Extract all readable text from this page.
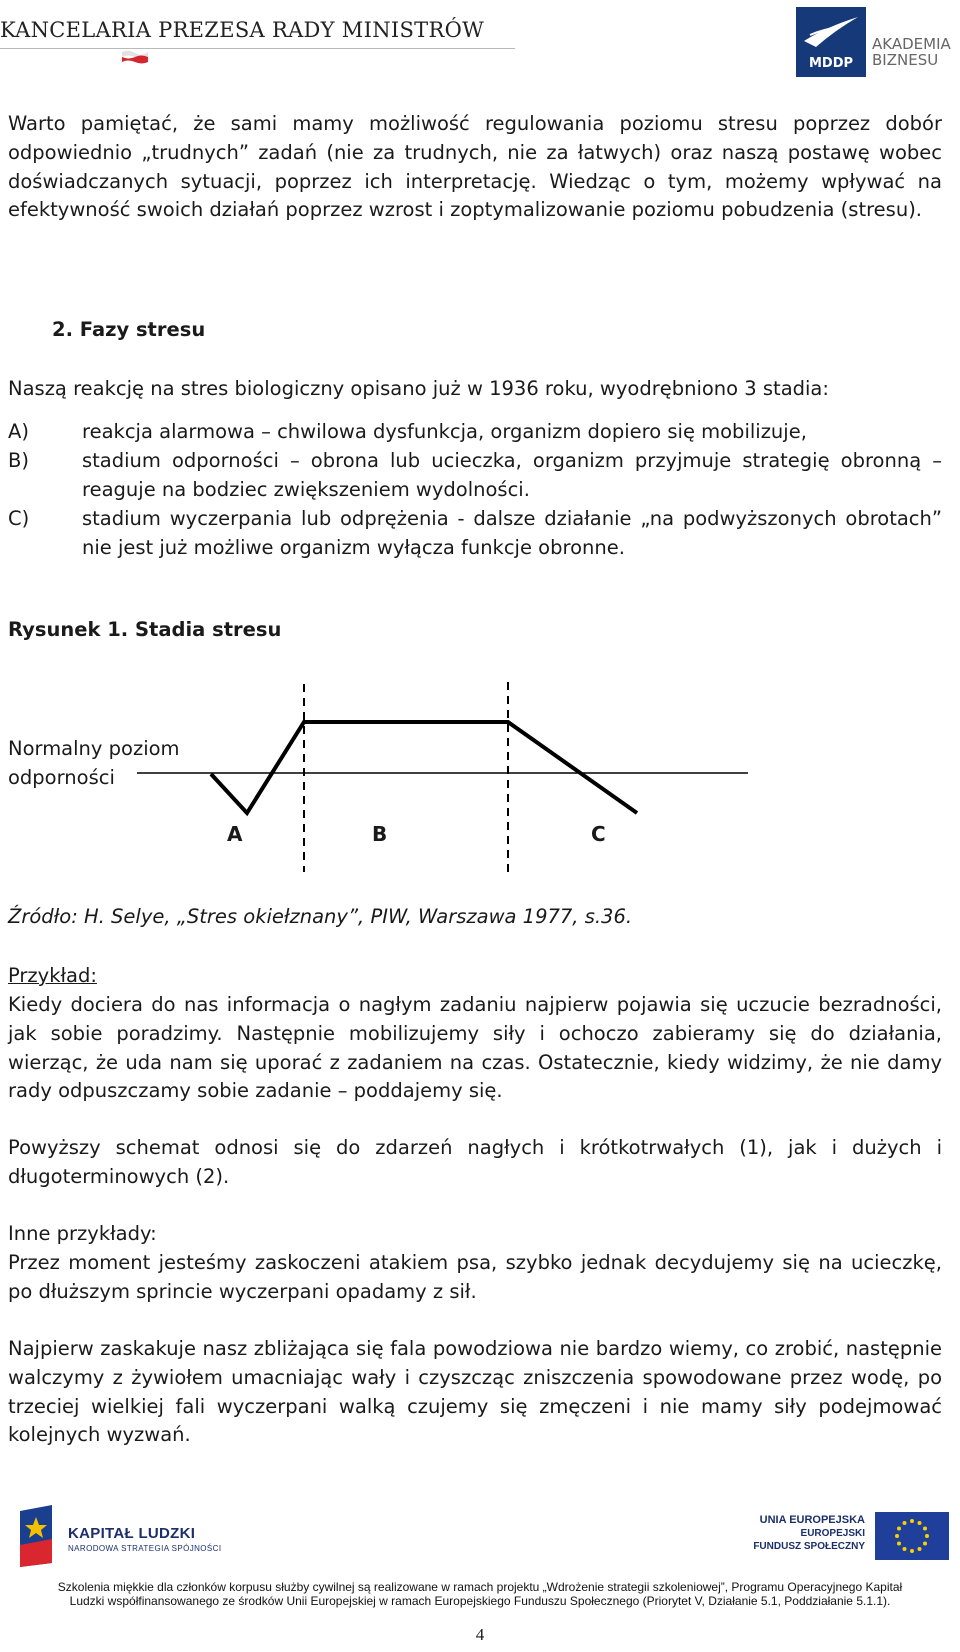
KANCELARIA PREZESA RADY MINISTRÓW
MDDP
AKADEMIA
BIZNESU
Warto pamiętać, że sami mamy możliwość regulowania poziomu stresu poprzez dobór odpowiednio „trudnych” zadań (nie za trudnych, nie za łatwych) oraz naszą postawę wobec doświadczanych sytuacji, poprzez ich interpretację. Wiedząc o tym, możemy wpływać na efektywność swoich działań poprzez wzrost i zoptymalizowanie poziomu pobudzenia (stresu).
2. Fazy stresu
Naszą reakcję na stres biologiczny opisano już w 1936 roku, wyodrębniono 3 stadia:
A)	reakcja alarmowa – chwilowa dysfunkcja, organizm dopiero się mobilizuje,
B)	stadium odporności – obrona lub ucieczka, organizm przyjmuje strategię obronną – reaguje na bodziec zwiększeniem wydolności.
C)	stadium wyczerpania lub odprężenia - dalsze działanie „na podwyższonych obrotach” nie jest już możliwe organizm wyłącza funkcje obronne.
Rysunek 1. Stadia stresu
Normalny poziom
odporności
A	B	C
Źródło: H. Selye, „Stres okiełznany”, PIW, Warszawa 1977, s.36.
Przykład:
Kiedy dociera do nas informacja o nagłym zadaniu najpierw pojawia się uczucie bezradności, jak sobie poradzimy. Następnie mobilizujemy siły i ochoczo zabieramy się do działania, wierząc, że uda nam się uporać z zadaniem na czas. Ostatecznie, kiedy widzimy, że nie damy rady odpuszczamy sobie zadanie – poddajemy się.
Powyższy schemat odnosi się do zdarzeń nagłych i krótkotrwałych (1), jak i dużych i długoterminowych (2).
Inne przykłady:
Przez moment jesteśmy zaskoczeni atakiem psa, szybko jednak decydujemy się na ucieczkę, po dłuższym sprincie wyczerpani opadamy z sił.
Najpierw zaskakuje nasz zbliżająca się fala powodziowa nie bardzo wiemy, co zrobić, następnie walczymy z żywiołem umacniając wały i czyszcząc zniszczenia spowodowane przez wodę, po trzeciej wielkiej fali wyczerpani walką czujemy się zmęczeni i nie mamy siły podejmować kolejnych wyzwań.
KAPITAŁ LUDZKI
NARODOWA STRATEGIA SPÓJNOŚCI
UNIA EUROPEJSKA
EUROPEJSKI
FUNDUSZ SPOŁECZNY
Szkolenia miękkie dla członków korpusu służby cywilnej są realizowane w ramach projektu „Wdrożenie strategii szkoleniowej”, Programu Operacyjnego Kapitał
Ludzki współfinansowanego ze środków Unii Europejskiej w ramach Europejskiego Funduszu Społecznego (Priorytet V, Działanie 5.1, Poddziałanie 5.1.1).
4
